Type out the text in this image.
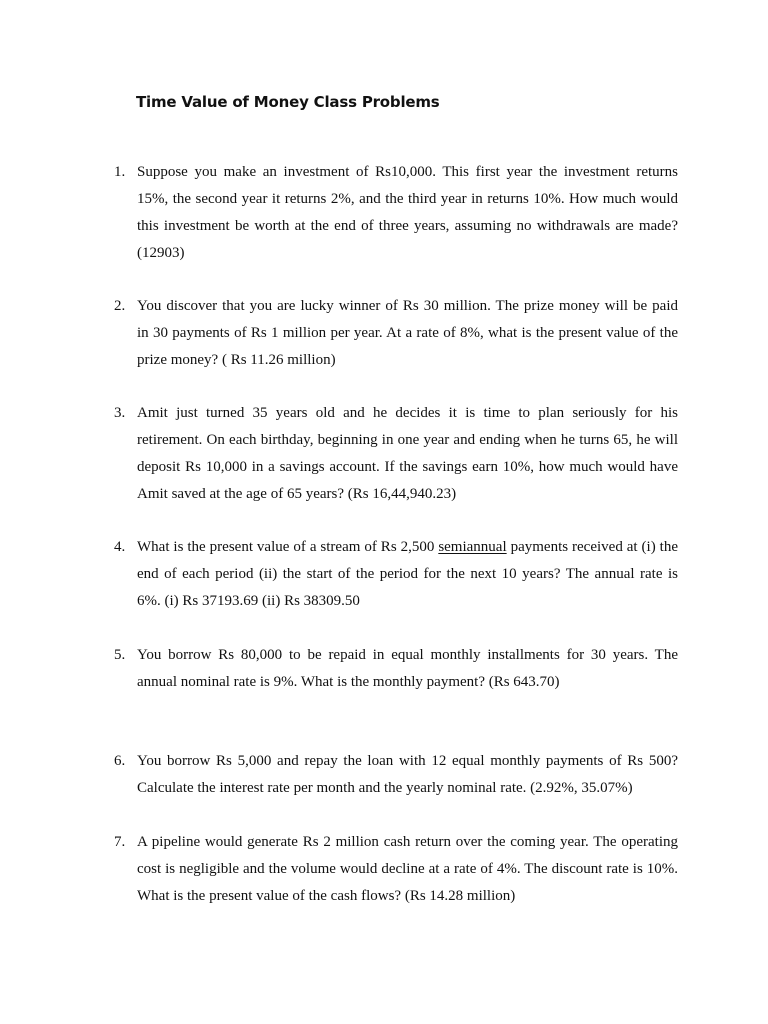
Time Value of Money Class Problems
1. Suppose you make an investment of Rs10,000. This first year the investment returns
15%, the second year it returns 2%, and the third year in returns 10%. How much would
this investment be worth at the end of three years, assuming no withdrawals are made?
(12903)

2. You discover that you are lucky winner of Rs 30 million. The prize money will be paid
in 30 payments of Rs 1 million per year. At a rate of 8%, what is the present value of the
prize money? ( Rs 11.26 million)

3. Amit just turned 35 years old and he decides it is time to plan seriously for his
retirement. On each birthday, beginning in one year and ending when he turns 65, he will
deposit Rs 10,000 in a savings account. If the savings earn 10%, how much would have
Amit saved at the age of 65 years? (Rs 16,44,940.23)

4. What is the present value of a stream of Rs 2,500 semiannual payments received at (i) the
end of each period (ii) the start of the period for the next 10 years? The annual rate is
6%. (i) Rs 37193.69 (ii) Rs 38309.50

5. You borrow Rs 80,000 to be repaid in equal monthly installments for 30 years. The
annual nominal rate is 9%. What is the monthly payment? (Rs 643.70)

6. You borrow Rs 5,000 and repay the loan with 12 equal monthly payments of Rs 500?
Calculate the interest rate per month and the yearly nominal rate. (2.92%, 35.07%)

7. A pipeline would generate Rs 2 million cash return over the coming year. The operating
cost is negligible and the volume would decline at a rate of 4%. The discount rate is 10%.
What is the present value of the cash flows? (Rs 14.28 million)
